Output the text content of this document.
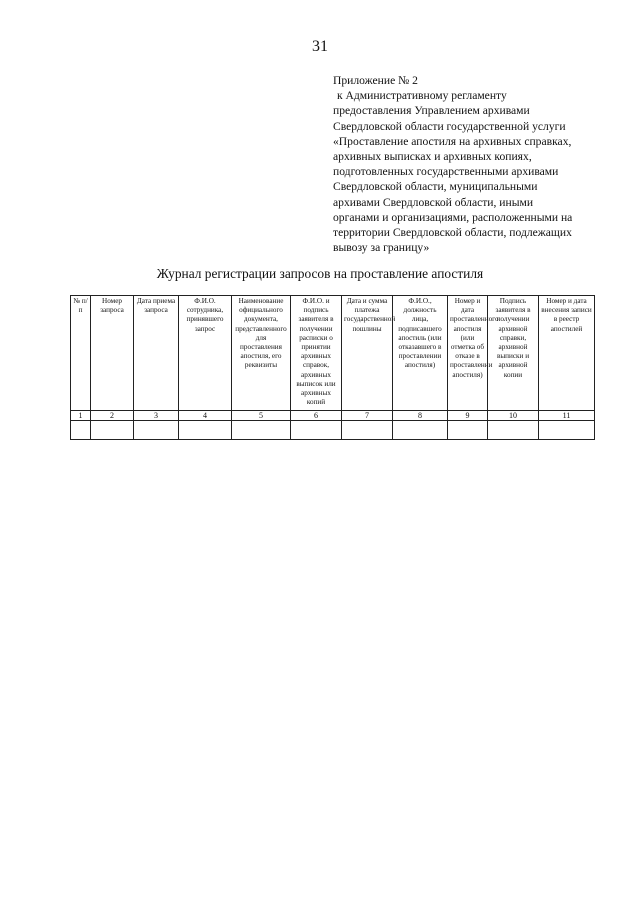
31
Приложение № 2
к Административному регламенту
предоставления Управлением архивами
Свердловской области государственной услуги
«Проставление апостиля на архивных справках,
архивных выписках и архивных копиях,
подготовленных государственными архивами
Свердловской области, муниципальными
архивами Свердловской области, иными
органами и организациями, расположенными на
территории Свердловской области, подлежащих
вывозу за границу»
Журнал регистрации запросов на проставление апостиля
№ п/п	Номер запроса	Дата приема запроса	Ф.И.О. сотрудника, принявшего запрос	Наименование официального документа, представленного для проставления апостиля, его реквизиты	Ф.И.О. и подпись заявителя в получении расписки о принятии архивных справок, архивных выписок или архивных копий	Дата и сумма платежа государственной пошлины	Ф.И.О., должность лица, подписавшего апостиль (или отказавшего в проставлении апостиля)	Номер и дата проставленного апостиля (или отметка об отказе в проставлении апостиля)	Подпись заявителя в получении архивной справки, архивной выписки и архивной копии	Номер и дата внесения записи в реестр апостилей
1	2	3	4	5	6	7	8	9	10	11
